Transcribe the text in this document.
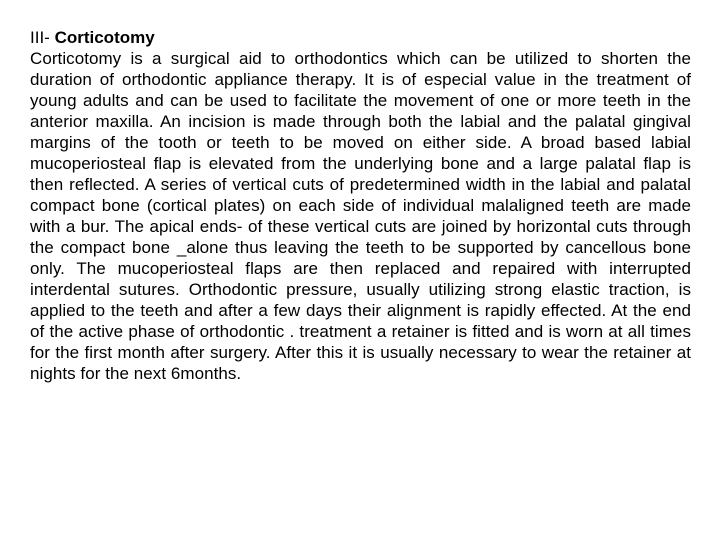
III- Corticotomy

Corticotomy is a surgical aid to orthodontics which can be utilized to shorten the duration of orthodontic appliance therapy. It is of especial value in the treatment of young adults and can be used to facilitate the movement of one or more teeth in the anterior maxilla. An incision is made through both the labial and the palatal gingival margins of the tooth or teeth to be moved on either side. A broad based labial mucoperiosteal flap is elevated from the underlying bone and a large palatal flap is then reflected. A series of vertical cuts of predetermined width in the labial and palatal compact bone (cortical plates) on each side of individual malaligned teeth are made with a bur. The apical ends- of these vertical cuts are joined by horizontal cuts through the compact bone _alone thus leaving the teeth to be supported by cancellous bone only. The mucoperiosteal flaps are then replaced and repaired with interrupted interdental sutures. Orthodontic pressure, usually utilizing strong elastic traction, is applied to the teeth and after a few days their alignment is rapidly effected. At the end of the active phase of orthodontic . treatment a retainer is fitted and is worn at all times for the first month after surgery. After this it is usually necessary to wear the retainer at nights for the next 6months.
